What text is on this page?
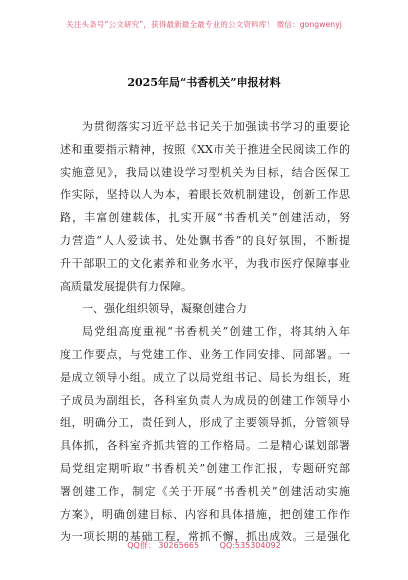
关注头条号“公文研究”，获得最新最全最专业的公文资料库！ 微信：gongwenyj
2025年局“书香机关”申报材料
为贯彻落实习近平总书记关于加强读书学习的重要论
述和重要指示精神，按照《XX市关于推进全民阅读工作的
实施意见》，我局以建设学习型机关为目标，结合医保工
作实际，坚持以人为本，着眼长效机制建设，创新工作思
路，丰富创建载体，扎实开展“书香机关”创建活动，努
力营造“人人爱读书、处处飘书香”的良好氛围，不断提
升干部职工的文化素养和业务水平，为我市医疗保障事业
高质量发展提供有力保障。
一、强化组织领导，凝聚创建合力
局党组高度重视“书香机关”创建工作，将其纳入年
度工作要点，与党建工作、业务工作同安排、同部署。一
是成立领导小组。成立了以局党组书记、局长为组长，班
子成员为副组长，各科室负责人为成员的创建工作领导小
组，明确分工，责任到人，形成了主要领导抓，分管领导
具体抓，各科室齐抓共管的工作格局。二是精心谋划部署
局党组定期听取“书香机关”创建工作汇报，专题研究部
署创建工作，制定《关于开展“书香机关”创建活动实施
方案》，明确创建目标、内容和具体措施，把创建工作作
为一项长期的基础工程，常抓不懈，抓出成效。三是强化
QQ群： 30265665	QQ:535304092
